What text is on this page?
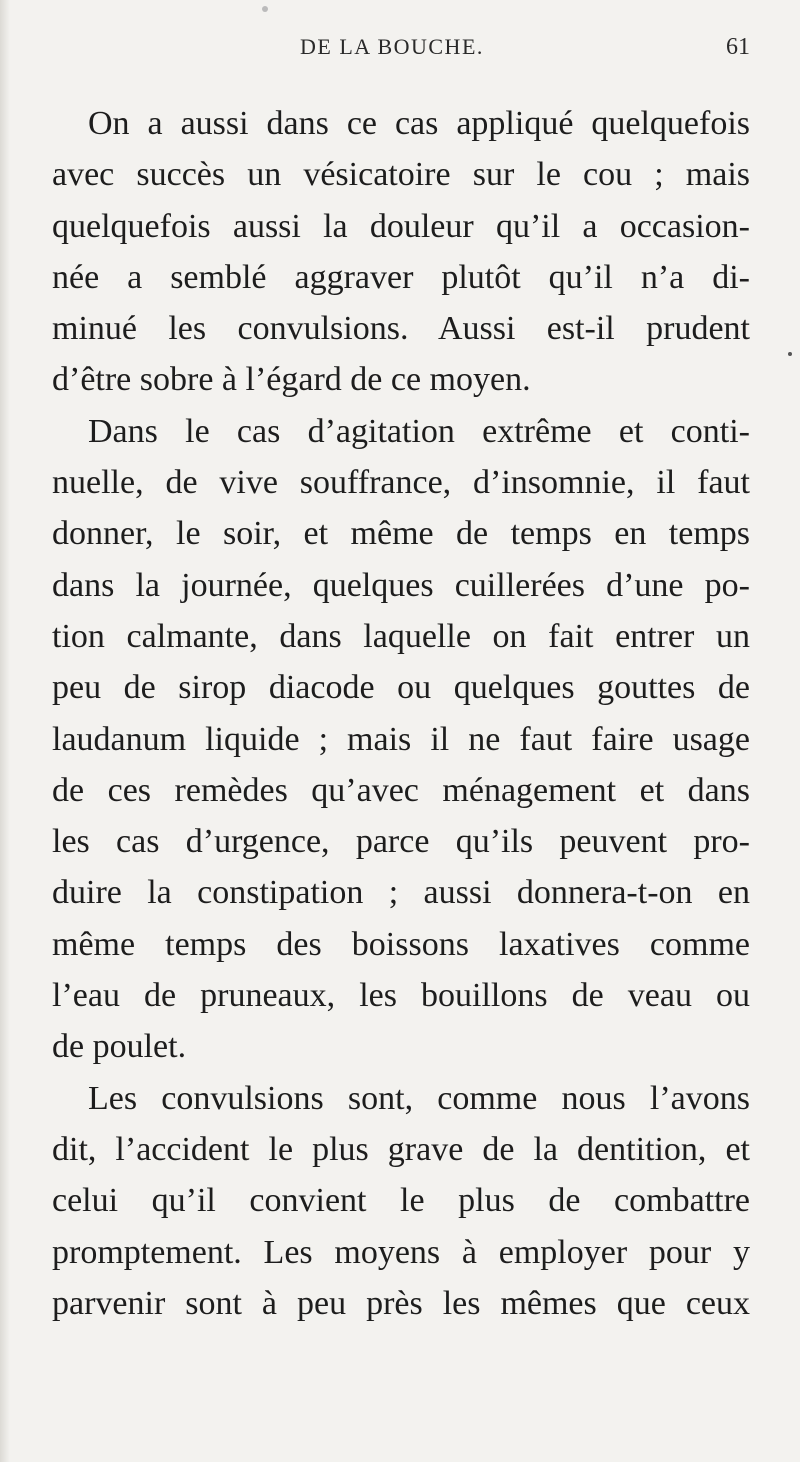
DE LA BOUCHE.	61
On a aussi dans ce cas appliqué quelquefois
avec succès un vésicatoire sur le cou ; mais
quelquefois aussi la douleur qu’il a occasion-
née a semblé aggraver plutôt qu’il n’a di-
minué les convulsions. Aussi est-il prudent
d’être sobre à l’égard de ce moyen.
Dans le cas d’agitation extrême et conti-
nuelle, de vive souffrance, d’insomnie, il faut
donner, le soir, et même de temps en temps
dans la journée, quelques cuillerées d’une po-
tion calmante, dans laquelle on fait entrer un
peu de sirop diacode ou quelques gouttes de
laudanum liquide ; mais il ne faut faire usage
de ces remèdes qu’avec ménagement et dans
les cas d’urgence, parce qu’ils peuvent pro-
duire la constipation ; aussi donnera-t-on en
même temps des boissons laxatives comme
l’eau de pruneaux, les bouillons de veau ou
de poulet.
Les convulsions sont, comme nous l’avons
dit, l’accident le plus grave de la dentition, et
celui qu’il convient le plus de combattre
promptement. Les moyens à employer pour y
parvenir sont à peu près les mêmes que ceux
